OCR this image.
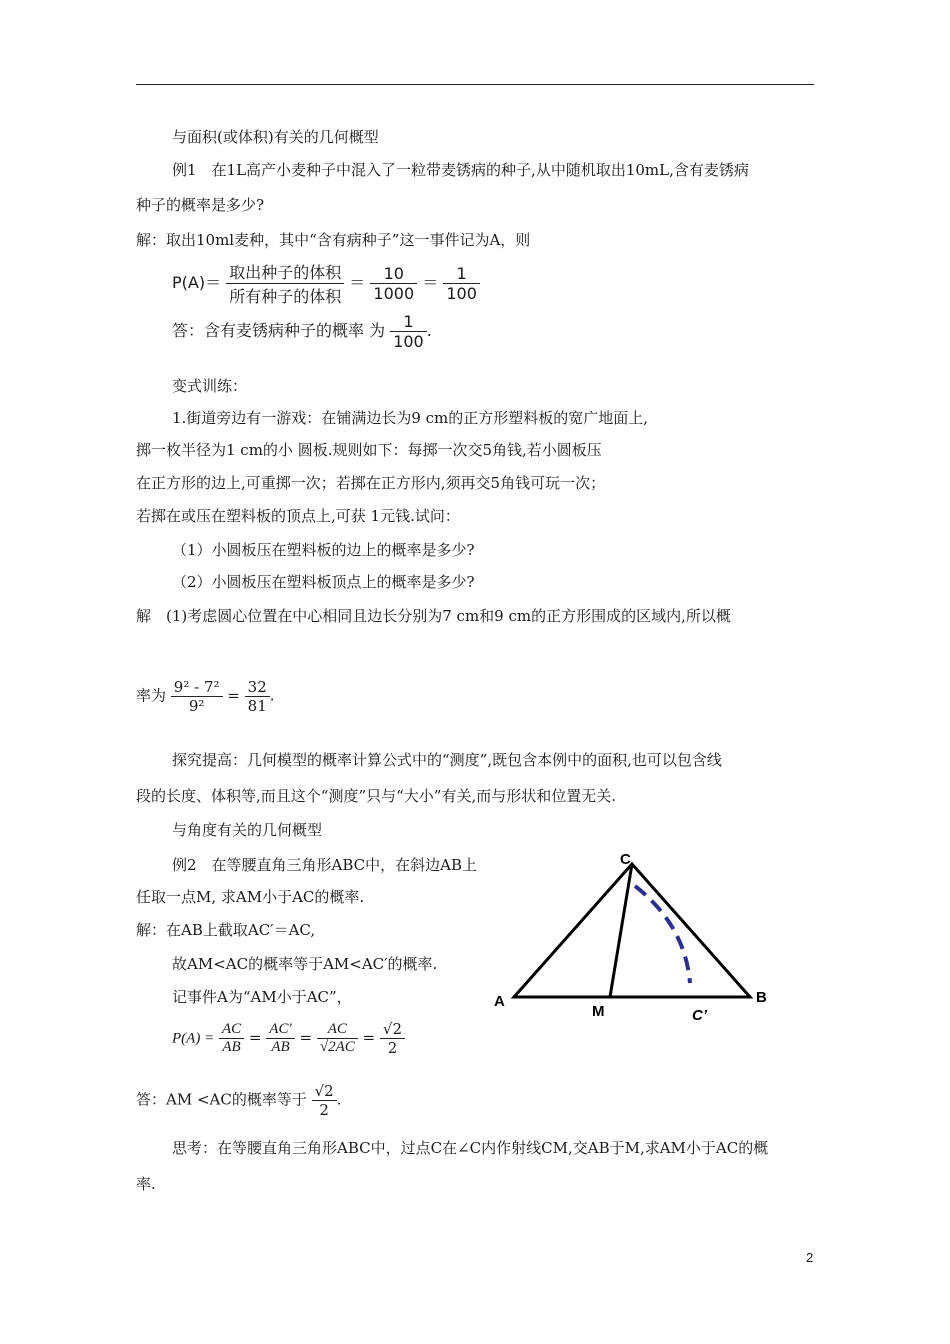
与面积(或体积)有关的几何概型
例1　在1L高产小麦种子中混入了一粒带麦锈病的种子,从中随机取出10mL,含有麦锈病
种子的概率是多少?
解：取出10ml麦种，其中“含有病种子”这一事件记为A，则
$P(A)= \frac{\text{取出种子的体积}}{\text{所有种子的体积}} = \frac{10}{1000} = \frac{1}{100}$
答：含有麦锈病种子的概率 为 $\frac{1}{100}$ .
变式训练：
1.街道旁边有一游戏：在铺满边长为9 cm的正方形塑料板的宽广地面上,
掷一枚半径为1 cm的小 圆板.规则如下：每掷一次交5角钱,若小圆板压
在正方形的边上,可重掷一次；若掷在正方形内,须再交5角钱可玩一次；
若掷在或压在塑料板的顶点上,可获 1元钱.试问：
（1）小圆板压在塑料板的边上的概率是多少?
（2）小圆板压在塑料板顶点上的概率是多少?
解　(1)考虑圆心位置在中心相同且边长分别为7 cm和9 cm的正方形围成的区域内,所以概
率为 $\frac{\text{9² - 7²}}{\text{9²}} = \frac{32}{81}$ .
探究提高：几何模型的概率计算公式中的“测度”,既包含本例中的面积,也可以包含线
段的长度、体积等,而且这个“测度”只与“大小”有关,而与形状和位置无关.
与角度有关的几何概型
例2　在等腰直角三角形ABC中，在斜边AB上
任取一点M, 求AM小于AC的概率.
解：在AB上截取AC′＝AC,
故AM<AC的概率等于AM<AC′的概率.
记事件A为“AM小于AC”，
$P(A) = \frac{AC}{AB} = \frac{AC'}{AB} = \frac{AC}{√2AC} = \frac{√2}{2}$
答：AM <AC的概率等于 $\frac{√2}{2}$ .
思考：在等腰直角三角形ABC中，过点C在∠C内作射线CM,交AB于M,求AM小于AC的概
率.
C
A	B
M	C’
2
